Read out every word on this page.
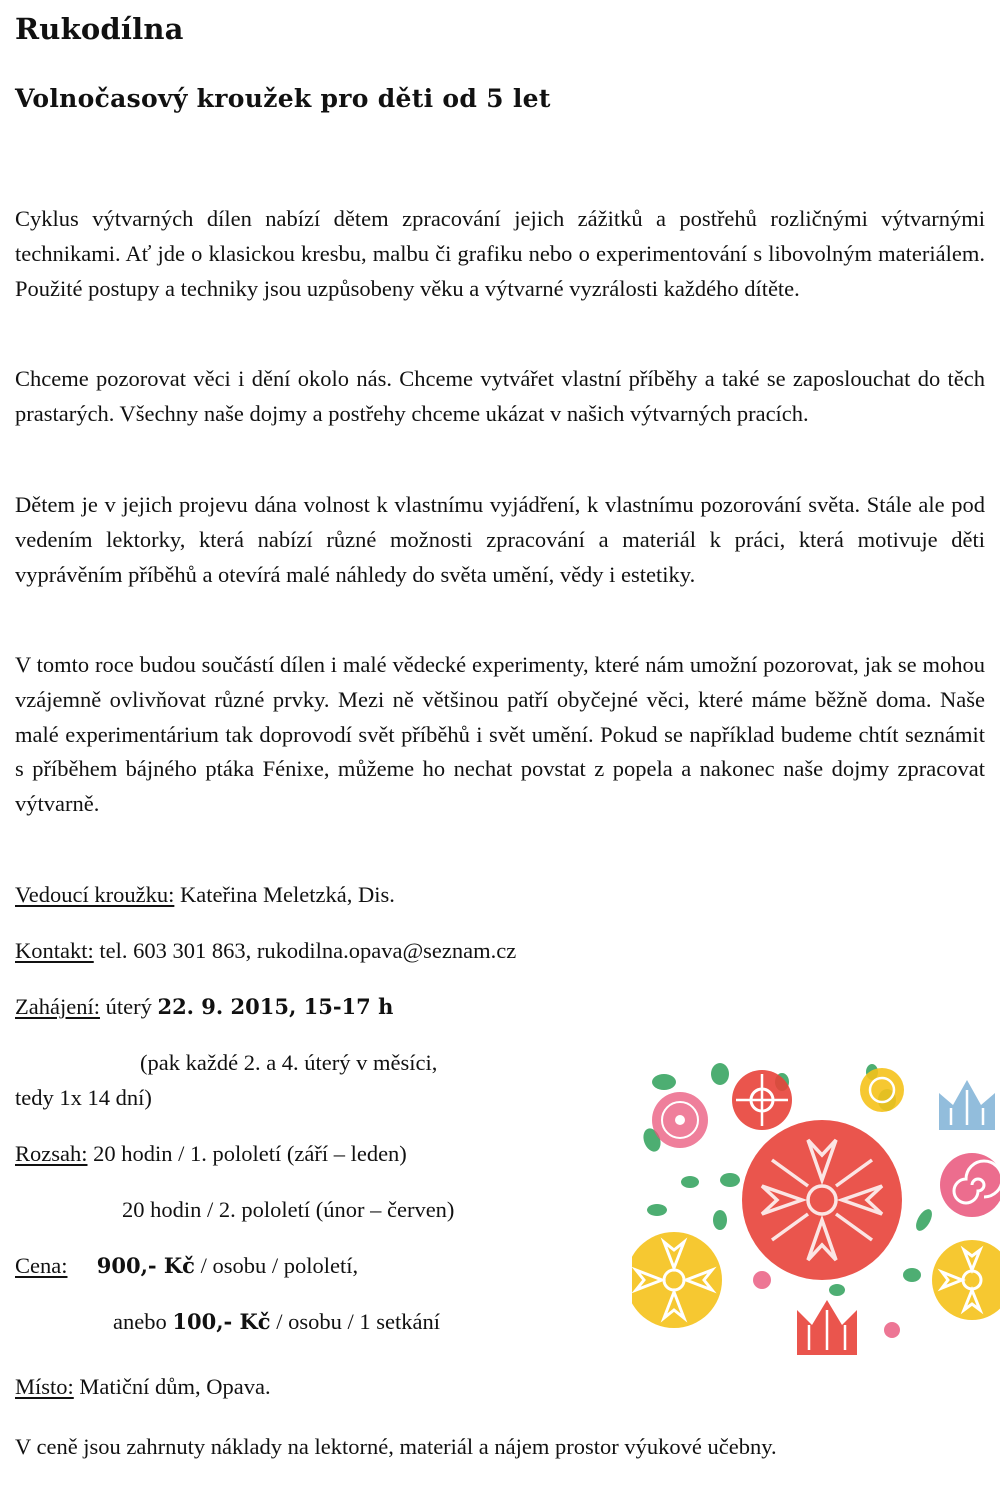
Rukodílna
Volnočasový kroužek pro děti od 5 let

Cyklus výtvarných dílen nabízí dětem zpracování jejich zážitků a postřehů rozličnými výtvarnými technikami. Ať jde o klasickou kresbu, malbu či grafiku nebo o experimentování s libovolným materiálem. Použité postupy a techniky jsou uzpůsobeny věku a výtvarné vyzrálosti každého dítěte.

Chceme pozorovat věci i dění okolo nás. Chceme vytvářet vlastní příběhy a také se zaposlouchat do těch prastarých. Všechny naše dojmy a postřehy chceme ukázat v našich výtvarných pracích.

Dětem je v jejich projevu dána volnost k vlastnímu vyjádření, k vlastnímu pozorování světa. Stále ale pod vedením lektorky, která nabízí různé možnosti zpracování a materiál k práci, která motivuje děti vyprávěním příběhů a otevírá malé náhledy do světa umění, vědy i estetiky.

V tomto roce budou součástí dílen i malé vědecké experimenty, které nám umožní pozorovat, jak se mohou vzájemně ovlivňovat různé prvky. Mezi ně většinou patří obyčejné věci, které máme běžně doma. Naše malé experimentárium tak doprovodí svět příběhů i svět umění. Pokud se například budeme chtít seznámit s příběhem bájného ptáka Fénixe, můžeme ho nechat povstat z popela a nakonec naše dojmy zpracovat výtvarně.

Vedoucí kroužku: Kateřina Meletzká, Dis.
Kontakt: tel. 603 301 863, rukodilna.opava@seznam.cz
Zahájení: úterý 22. 9. 2015, 15-17 h
(pak každé 2. a 4. úterý v měsíci,
tedy 1x 14 dní)
Rozsah: 20 hodin / 1. pololetí (září – leden)
20 hodin / 2. pololetí (únor – červen)
Cena: 900,- Kč / osobu / pololetí,
anebo 100,- Kč / osobu / 1 setkání
Místo: Matiční dům, Opava.

V ceně jsou zahrnuty náklady na lektorné, materiál a nájem prostor výukové učebny.
